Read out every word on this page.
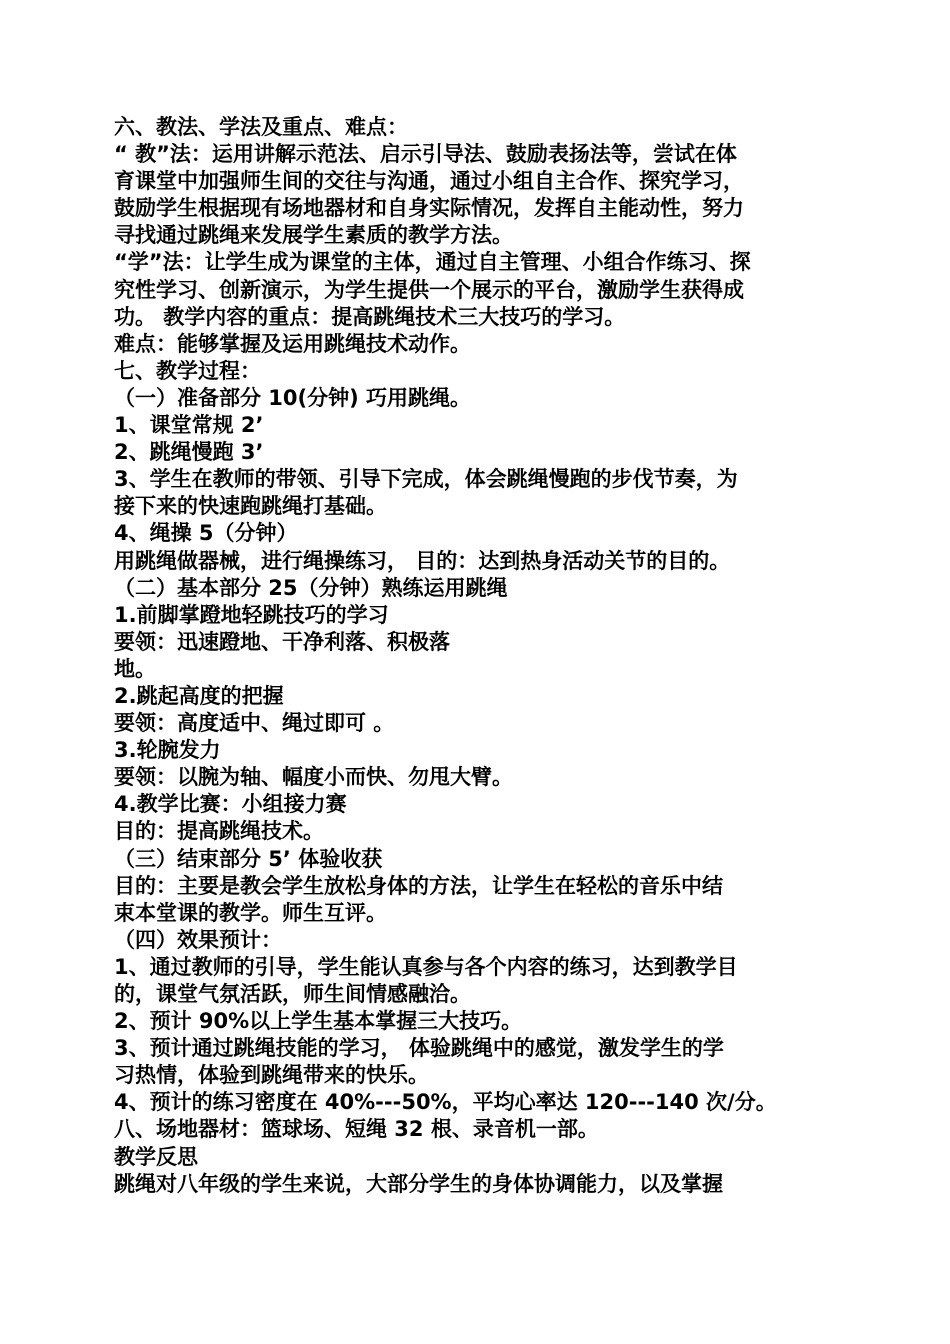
六、教法、学法及重点、难点：
“ 教”法：运用讲解示范法、启示引导法、鼓励表扬法等，尝试在体
育课堂中加强师生间的交往与沟通，通过小组自主合作、探究学习，
鼓励学生根据现有场地器材和自身实际情况，发挥自主能动性，努力
寻找通过跳绳来发展学生素质的教学方法。
“学”法：让学生成为课堂的主体，通过自主管理、小组合作练习、探
究性学习、创新演示，为学生提供一个展示的平台，激励学生获得成
功。 教学内容的重点：提高跳绳技术三大技巧的学习。
难点：能够掌握及运用跳绳技术动作。
七、教学过程：
（一）准备部分 10(分钟) 巧用跳绳。
1、课堂常规 2’
2、跳绳慢跑 3’
3、学生在教师的带领、引导下完成，体会跳绳慢跑的步伐节奏，为
接下来的快速跑跳绳打基础。
4、绳操 5（分钟）
用跳绳做器械，进行绳操练习， 目的：达到热身活动关节的目的。
（二）基本部分 25（分钟）熟练运用跳绳
1.前脚掌蹬地轻跳技巧的学习
要领：迅速蹬地、干净利落、积极落
地。
2.跳起高度的把握
要领：高度适中、绳过即可 。
3.轮腕发力
要领：以腕为轴、幅度小而快、勿甩大臂。
4.教学比赛：小组接力赛
目的：提高跳绳技术。
（三）结束部分 5’ 体验收获
目的：主要是教会学生放松身体的方法，让学生在轻松的音乐中结
束本堂课的教学。师生互评。
（四）效果预计：
1、通过教师的引导，学生能认真参与各个内容的练习，达到教学目
的，课堂气氛活跃，师生间情感融洽。
2、预计 90%以上学生基本掌握三大技巧。
3、预计通过跳绳技能的学习， 体验跳绳中的感觉，激发学生的学
习热情，体验到跳绳带来的快乐。
4、预计的练习密度在 40%---50%，平均心率达 120---140 次/分。
八、场地器材：篮球场、短绳 32 根、录音机一部。
教学反思
跳绳对八年级的学生来说，大部分学生的身体协调能力，以及掌握
